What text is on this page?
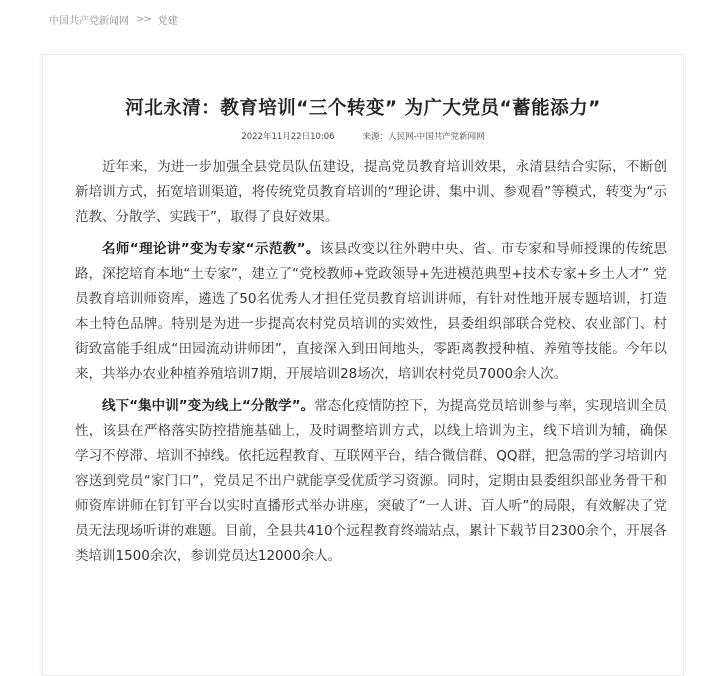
中国共产党新闻网 >> 党建
河北永清：教育培训“三个转变” 为广大党员“蓄能添力”
2022年11月22日10:06	来源：人民网-中国共产党新闻网

近年来，为进一步加强全县党员队伍建设，提高党员教育培训效果，永清县结合实际，不断创新培训方式，拓宽培训渠道，将传统党员教育培训的“理论讲、集中训、参观看”等模式，转变为“示范教、分散学、实践干”，取得了良好效果。

名师“理论讲”变为专家“示范教”。该县改变以往外聘中央、省、市专家和导师授课的传统思路，深挖培育本地“土专家”，建立了“党校教师+党政领导+先进模范典型+技术专家+乡土人才” 党员教育培训师资库，遴选了50名优秀人才担任党员教育培训讲师，有针对性地开展专题培训，打造本土特色品牌。特别是为进一步提高农村党员培训的实效性，县委组织部联合党校、农业部门、村街致富能手组成“田园流动讲师团”，直接深入到田间地头，零距离教授种植、养殖等技能。今年以来，共举办农业种植养殖培训7期，开展培训28场次，培训农村党员7000余人次。

线下“集中训”变为线上“分散学”。常态化疫情防控下，为提高党员培训参与率，实现培训全员性，该县在严格落实防控措施基础上，及时调整培训方式，以线上培训为主，线下培训为辅，确保学习不停滞、培训不掉线。依托远程教育、互联网平台，结合微信群、QQ群，把急需的学习培训内容送到党员“家门口”，党员足不出户就能享受优质学习资源。同时，定期由县委组织部业务骨干和师资库讲师在钉钉平台以实时直播形式举办讲座，突破了“一人讲、百人听”的局限，有效解决了党员无法现场听讲的难题。目前，全县共410个远程教育终端站点，累计下载节目2300余个，开展各类培训1500余次，参训党员达12000余人。
